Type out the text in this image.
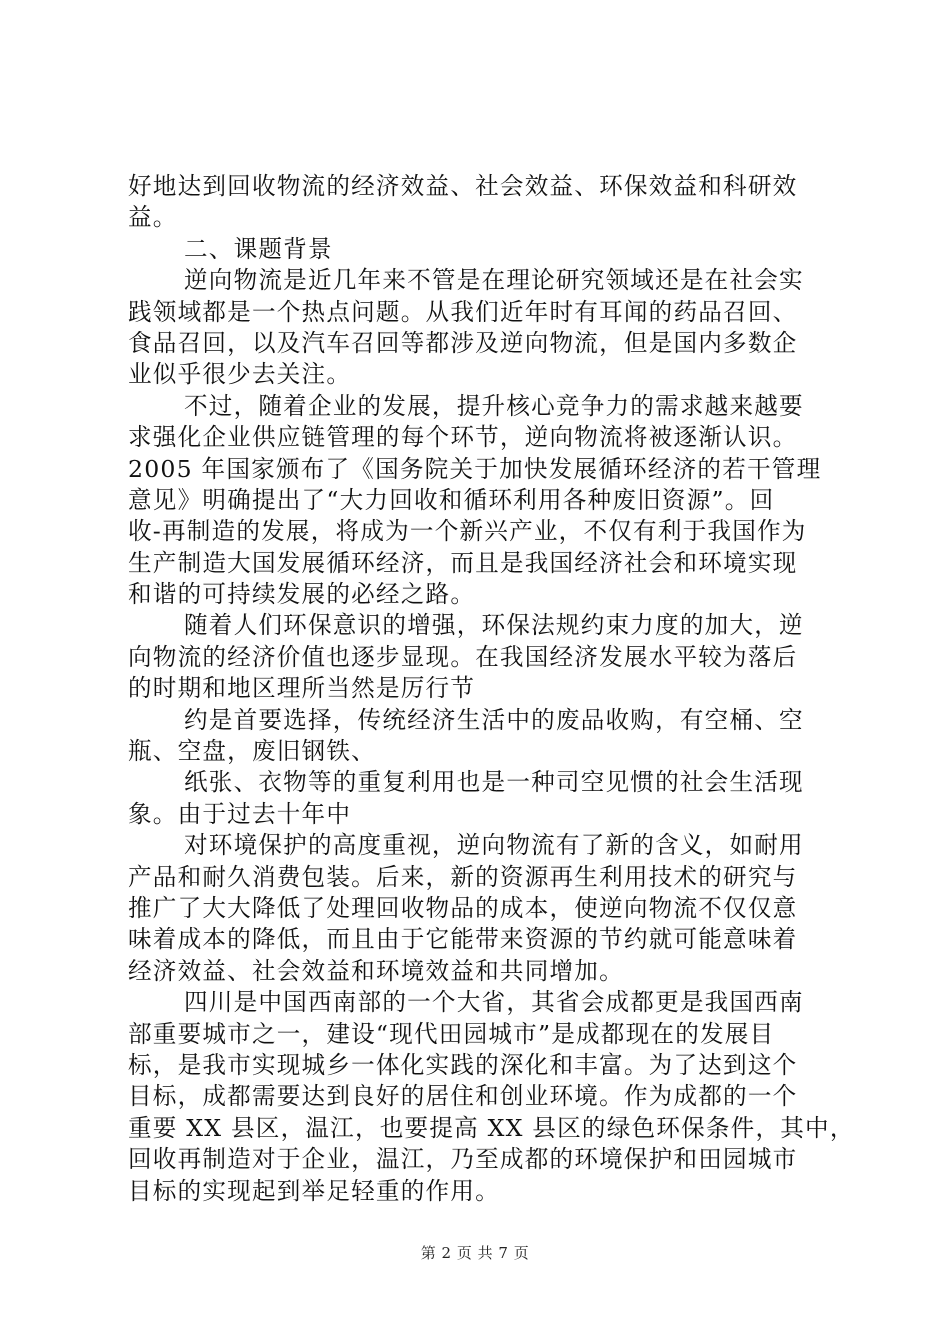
好地达到回收物流的经济效益、社会效益、环保效益和科研效
益。
二、课题背景
逆向物流是近几年来不管是在理论研究领域还是在社会实
践领域都是一个热点问题。从我们近年时有耳闻的药品召回、
食品召回，以及汽车召回等都涉及逆向物流，但是国内多数企
业似乎很少去关注。
不过，随着企业的发展，提升核心竞争力的需求越来越要
求强化企业供应链管理的每个环节，逆向物流将被逐渐认识。
2005 年国家颁布了《国务院关于加快发展循环经济的若干管理
意见》明确提出了“大力回收和循环利用各种废旧资源”。回
收-再制造的发展，将成为一个新兴产业，不仅有利于我国作为
生产制造大国发展循环经济，而且是我国经济社会和环境实现
和谐的可持续发展的必经之路。
随着人们环保意识的增强，环保法规约束力度的加大，逆
向物流的经济价值也逐步显现。在我国经济发展水平较为落后
的时期和地区理所当然是厉行节
约是首要选择，传统经济生活中的废品收购，有空桶、空
瓶、空盘，废旧钢铁、
纸张、衣物等的重复利用也是一种司空见惯的社会生活现
象。由于过去十年中
对环境保护的高度重视，逆向物流有了新的含义，如耐用
产品和耐久消费包装。后来，新的资源再生利用技术的研究与
推广了大大降低了处理回收物品的成本，使逆向物流不仅仅意
味着成本的降低，而且由于它能带来资源的节约就可能意味着
经济效益、社会效益和环境效益和共同增加。
四川是中国西南部的一个大省，其省会成都更是我国西南
部重要城市之一，建设“现代田园城市”是成都现在的发展目
标，是我市实现城乡一体化实践的深化和丰富。为了达到这个
目标，成都需要达到良好的居住和创业环境。作为成都的一个
重要 XX 县区，温江，也要提高 XX 县区的绿色环保条件，其中，
回收再制造对于企业，温江，乃至成都的环境保护和田园城市
目标的实现起到举足轻重的作用。
第 2 页 共 7 页
